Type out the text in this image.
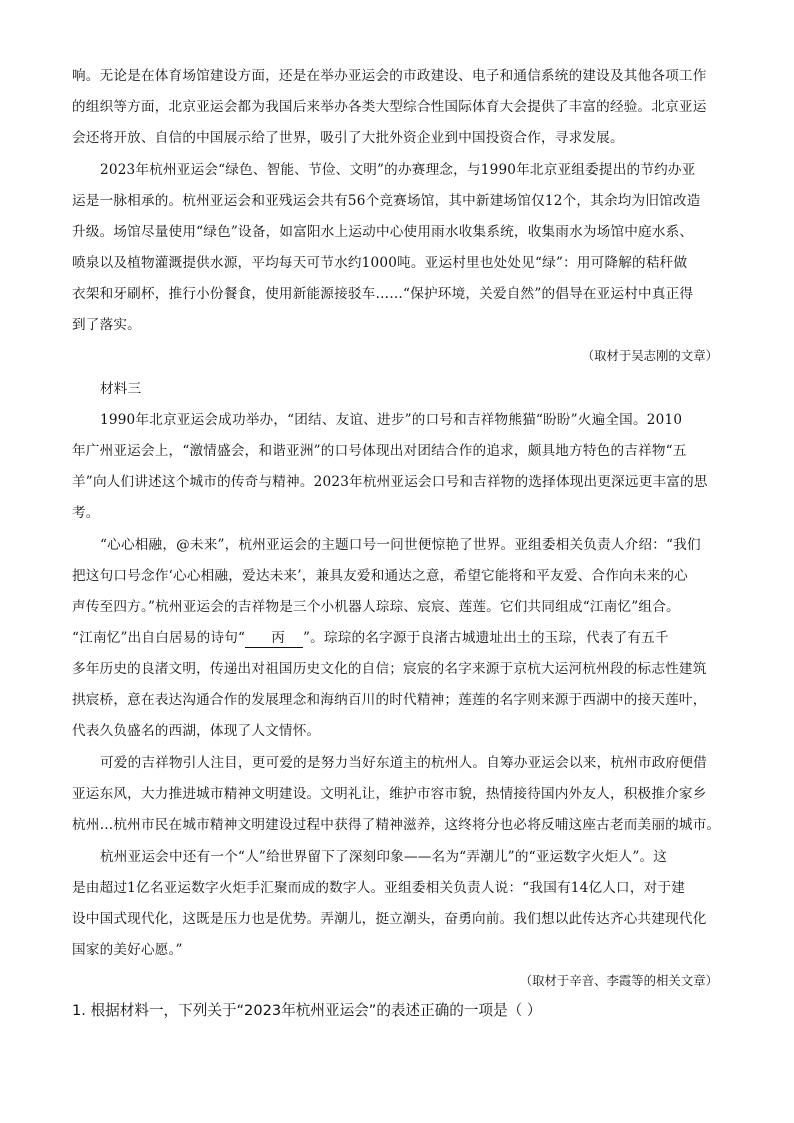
响。无论是在体育场馆建设方面，还是在举办亚运会的市政建设、电子和通信系统的建设及其他各项工作
的组织等方面，北京亚运会都为我国后来举办各类大型综合性国际体育大会提供了丰富的经验。北京亚运
会还将开放、自信的中国展示给了世界，吸引了大批外资企业到中国投资合作，寻求发展。
2023年杭州亚运会“绿色、智能、节俭、文明”的办赛理念，与1990年北京亚组委提出的节约办亚
运是一脉相承的。杭州亚运会和亚残运会共有56个竞赛场馆，其中新建场馆仅12个，其余均为旧馆改造
升级。场馆尽量使用“绿色”设备，如富阳水上运动中心使用雨水收集系统，收集雨水为场馆中庭水系、
喷泉以及植物灌溉提供水源，平均每天可节水约1000吨。亚运村里也处处见“绿”：用可降解的秸秆做
衣架和牙刷杯，推行小份餐食，使用新能源接驳车……“保护环境，关爱自然”的倡导在亚运村中真正得
到了落实。
（取材于吴志刚的文章）
材料三
1990年北京亚运会成功举办，“团结、友谊、进步”的口号和吉祥物熊猫“盼盼”火遍全国。2010
年广州亚运会上，“激情盛会，和谐亚洲”的口号体现出对团结合作的追求，颇具地方特色的吉祥物“五
羊”向人们讲述这个城市的传奇与精神。2023年杭州亚运会口号和吉祥物的选择体现出更深远更丰富的思
考。
“心心相融，@未来”，杭州亚运会的主题口号一问世便惊艳了世界。亚组委相关负责人介绍：“我们
把这句口号念作‘心心相融，爱达未来’，兼具友爱和通达之意，希望它能将和平友爱、合作向未来的心
声传至四方。”杭州亚运会的吉祥物是三个小机器人琮琮、宸宸、莲莲。它们共同组成“江南忆”组合。
“江南忆”出自白居易的诗句“ 丙 ”。琮琮的名字源于良渚古城遗址出土的玉琮，代表了有五千
多年历史的良渚文明，传递出对祖国历史文化的自信；宸宸的名字来源于京杭大运河杭州段的标志性建筑
拱宸桥，意在表达沟通合作的发展理念和海纳百川的时代精神；莲莲的名字则来源于西湖中的接天莲叶，
代表久负盛名的西湖，体现了人文情怀。
可爱的吉祥物引人注目，更可爱的是努力当好东道主的杭州人。自筹办亚运会以来，杭州市政府便借
亚运东风，大力推进城市精神文明建设。文明礼让，维护市容市貌，热情接待国内外友人，积极推介家乡
杭州…杭州市民在城市精神文明建设过程中获得了精神滋养，这终将分也必将反哺这座古老而美丽的城市。
杭州亚运会中还有一个“人”给世界留下了深刻印象——名为“弄潮儿”的“亚运数字火炬人”。这
是由超过1亿名亚运数字火炬手汇聚而成的数字人。亚组委相关负责人说：“我国有14亿人口，对于建
设中国式现代化，这既是压力也是优势。弄潮儿，挺立潮头，奋勇向前。我们想以此传达齐心共建现代化
国家的美好心愿。”
（取材于辛音、李霞等的相关文章）
1. 根据材料一，下列关于“2023年杭州亚运会”的表述正确的一项是（ ）
